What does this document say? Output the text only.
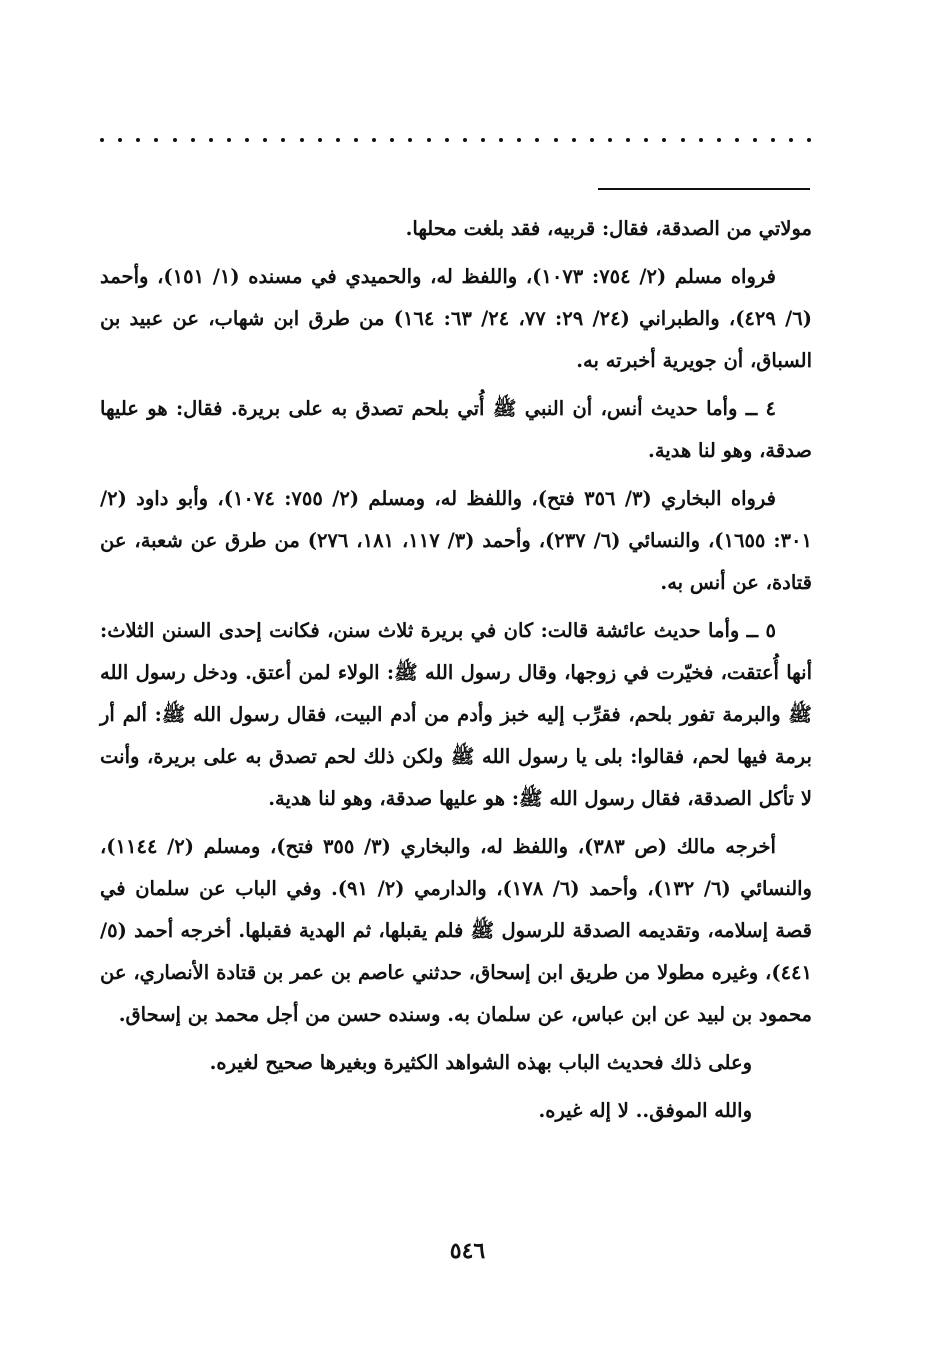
مولاتي من الصدقة، فقال: قربيه، فقد بلغت محلها.

فرواه مسلم (٢/ ٧٥٤: ١٠٧٣)، واللفظ له، والحميدي في مسنده (١/ ١٥١)، وأحمد (٦/ ٤٢٩)، والطبراني (٢٤/ ٢٩: ٧٧، ٢٤/ ٦٣: ١٦٤) من طرق ابن شهاب، عن عبيد بن السباق، أن جويرية أخبرته به.

٤ ــ وأما حديث أنس، أن النبي ﷺ أُتي بلحم تصدق به على بريرة. فقال: هو عليها صدقة، وهو لنا هدية.

فرواه البخاري (٣/ ٣٥٦ فتح)، واللفظ له، ومسلم (٢/ ٧٥٥: ١٠٧٤)، وأبو داود (٢/ ٣٠١: ١٦٥٥)، والنسائي (٦/ ٢٣٧)، وأحمد (٣/ ١١٧، ١٨١، ٢٧٦) من طرق عن شعبة، عن قتادة، عن أنس به.

٥ ــ وأما حديث عائشة قالت: كان في بريرة ثلاث سنن، فكانت إحدى السنن الثلاث: أنها أُعتقت، فخيّرت في زوجها، وقال رسول الله ﷺ: الولاء لمن أعتق. ودخل رسول الله ﷺ والبرمة تفور بلحم، فقرِّب إليه خبز وأدم من أدم البيت، فقال رسول الله ﷺ: ألم أر برمة فيها لحم، فقالوا: بلى يا رسول الله ﷺ ولكن ذلك لحم تصدق به على بريرة، وأنت لا تأكل الصدقة، فقال رسول الله ﷺ: هو عليها صدقة، وهو لنا هدية.

أخرجه مالك (ص ٣٨٣)، واللفظ له، والبخاري (٣/ ٣٥٥ فتح)، ومسلم (٢/ ١١٤٤)، والنسائي (٦/ ١٣٢)، وأحمد (٦/ ١٧٨)، والدارمي (٢/ ٩١). وفي الباب عن سلمان في قصة إسلامه، وتقديمه الصدقة للرسول ﷺ فلم يقبلها، ثم الهدية فقبلها. أخرجه أحمد (٥/ ٤٤١)، وغيره مطولا من طريق ابن إسحاق، حدثني عاصم بن عمر بن قتادة الأنصاري، عن محمود بن لبيد عن ابن عباس، عن سلمان به. وسنده حسن من أجل محمد بن إسحاق.

وعلى ذلك فحديث الباب بهذه الشواهد الكثيرة وبغيرها صحيح لغيره.

والله الموفق.. لا إله غيره.

٥٤٦
